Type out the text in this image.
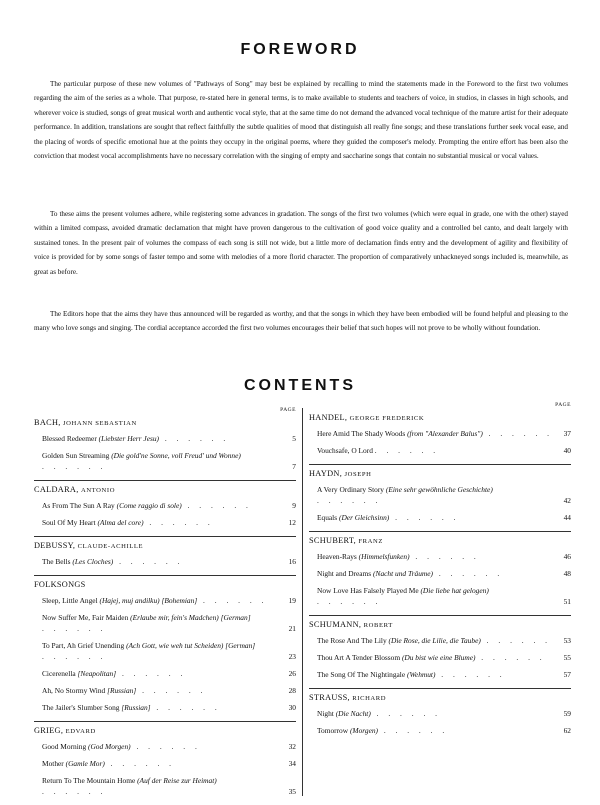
FOREWORD

The particular purpose of these new volumes of "Pathways of Song" may best be explained by recalling to mind the statements made in the Foreword to the first two volumes regarding the aim of the series as a whole. That purpose, re-stated here in general terms, is to make available to students and teachers of voice, in studios, in classes in high schools, and wherever voice is studied, songs of great musical worth and authentic vocal style, that at the same time do not demand the advanced vocal technique of the mature artist for their adequate performance. In addition, translations are sought that reflect faithfully the subtle qualities of mood that distinguish all really fine songs; and these translations further seek vocal ease, and the placing of words of specific emotional hue at the points they occupy in the original poems, where they guided the composer's melody. Prompting the entire effort has been also the conviction that modest vocal accomplishments have no necessary correlation with the singing of empty and saccharine songs that contain no substantial musical or vocal values.

To these aims the present volumes adhere, while registering some advances in gradation. The songs of the first two volumes (which were equal in grade, one with the other) stayed within a limited compass, avoided dramatic declamation that might have proven dangerous to the cultivation of good voice quality and a controlled bel canto, and dealt largely with sustained tones. In the present pair of volumes the compass of each song is still not wide, but a little more of declamation finds entry and the development of agility and flexibility of voice is provided for by some songs of faster tempo and some with melodies of a more florid character. The proportion of comparatively unhackneyed songs included is, meanwhile, as great as before.

The Editors hope that the aims they have thus announced will be regarded as worthy, and that the songs in which they have been embodied will be found helpful and pleasing to the many who love songs and singing. The cordial acceptance accorded the first two volumes encourages their belief that such hopes will not prove to be wholly without foundation.

CONTENTS
PAGE
BACH, JOHANN SEBASTIAN
Blessed Redeemer (Liebster Herr Jesu) . . . . . .	5
Golden Sun Streaming (Die gold'ne Sonne, voll Freud' und Wonne) . . . . . .	7
CALDARA, ANTONIO
As From The Sun A Ray (Come raggio di sole) . . . . . .	9
Soul Of My Heart (Alma del core) . . . . . .	12
DEBUSSY, CLAUDE-ACHILLE
The Bells (Les Cloches) . . . . . .	16
FOLKSONGS
Sleep, Little Angel (Hajej, muj andilku) [Bohemian] . . . . . .	19
Now Suffer Me, Fair Maiden (Erlaube mir, fein's Madchen) [German] . . . . . .	21
To Part, Ah Grief Unending (Ach Gott, wie weh tut Scheiden) [German] . . . . . .	23
Cicerenella [Neapolitan] . . . . . .	26
Ah, No Stormy Wind [Russian] . . . . . .	28
The Jailer's Slumber Song [Russian] . . . . . .	30
GRIEG, EDVARD
Good Morning (God Morgen) . . . . . .	32
Mother (Gamle Mor) . . . . . .	34
Return To The Mountain Home (Auf der Reise zur Heimat) . . . . . .	35
PAGE
HANDEL, GEORGE FREDERICK
Here Amid The Shady Woods (from "Alexander Balus") . . . . . .	37
Vouchsafe, O Lord . . . . . .	40
HAYDN, JOSEPH
A Very Ordinary Story (Eine sehr gewöhnliche Geschichte) . . . . . .	42
Equals (Der Gleichsinn) . . . . . .	44
SCHUBERT, FRANZ
Heaven-Rays (Himmelsfunken) . . . . . .	46
Night and Dreams (Nacht und Träume) . . . . . .	48
Now Love Has Falsely Played Me (Die liebe hat gelogen) . . . . . .	51
SCHUMANN, ROBERT
The Rose And The Lily (Die Rose, die Lilie, die Taube) . . . . . .	53
Thou Art A Tender Blossom (Du bist wie eine Blume) . . . . . .	55
The Song Of The Nightingale (Wehmut) . . . . . .	57
STRAUSS, RICHARD
Night (Die Nacht) . . . . . .	59
Tomorrow (Morgen) . . . . . .	62
